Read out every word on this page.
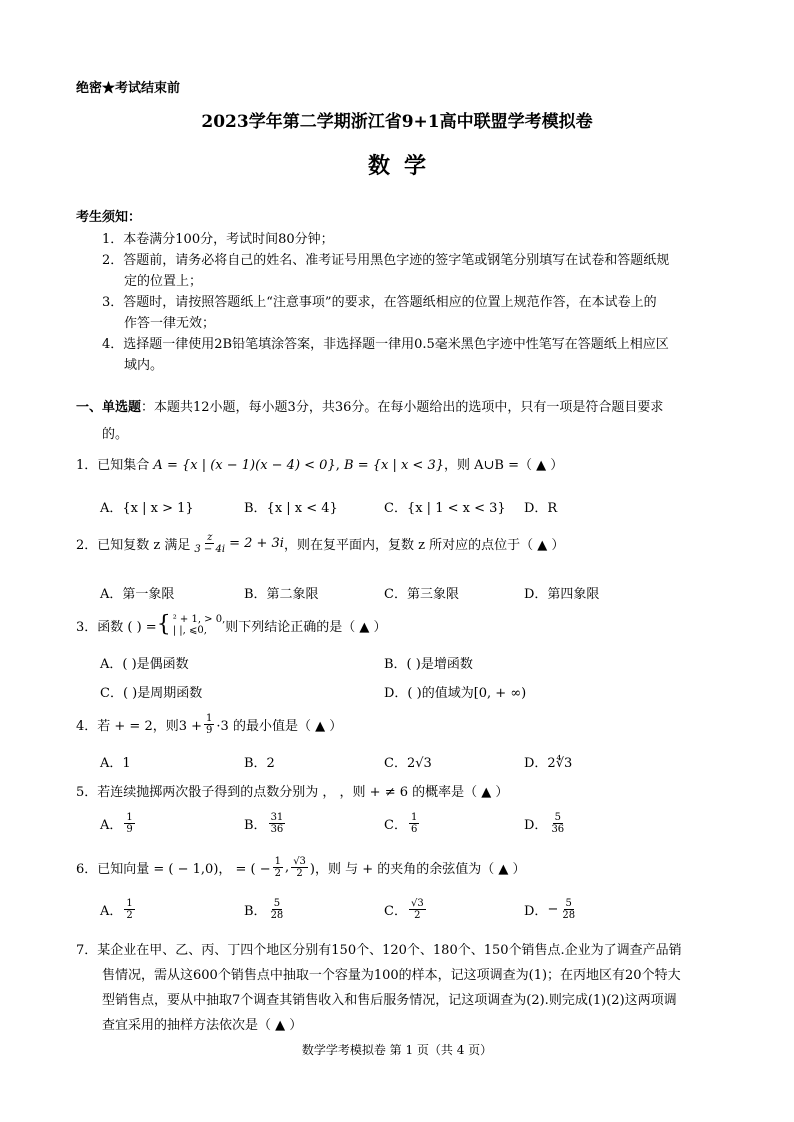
绝密★考试结束前
2023学年第二学期浙江省9+1高中联盟学考模拟卷
数学
考生须知：
1．本卷满分100分，考试时间80分钟；
2．答题前，请务必将自己的姓名、准考证号用黑色字迹的签字笔或钢笔分别填写在试卷和答题纸规
定的位置上；
3．答题时，请按照答题纸上“注意事项”的要求，在答题纸相应的位置上规范作答，在本试卷上的
作答一律无效；
4．选择题一律使用2B铅笔填涂答案，非选择题一律用0.5毫米黑色字迹中性笔写在答题纸上相应区
域内。
一、单选题：本题共12小题，每小题3分，共36分。在每小题给出的选项中，只有一项是符合题目要求
的。
1．已知集合 A = {x | (x − 1)(x − 4) < 0}, B = {x | x < 3}，则 A∪B =（ ▲ ）
A．{x | x > 1}	B．{x | x < 4}	C．{x | 1 < x < 3} D．R
2．已知复数 z 满足 $\frac{z}{3 - 4i} = 2 + 3i$ ，则在复平面内，复数 z 所对应的点位于（ ▲ ）
A．第一象限	B．第二象限	C．第三象限	D．第四象限
3．函数 ( ) = { ² + 1, > 0,
| |, ⩽0,	则下列结论正确的是（ ▲ ）
A．( )是偶函数	B．( )是增函数
C．( )是周期函数	D．( )的值域为[0, + ∞)
4．若 + = 2，则$3 + \frac{1}{9} \cdot 3$ 的最小值是（ ▲ ）
A．1	B．2	C．2√3	D．2∜3
5．若连续抛掷两次骰子得到的点数分别为 ， ，则 + ≠ 6 的概率是（ ▲ ）
A． $\frac{1}{9}$	B． $\frac{31}{36}$	C． $\frac{1}{6}$	D． $\frac{5}{36}$
6．已知向量 = ( − 1,0)， = ( − $\frac{1}{2}$ , $\frac{√3}{2}$ )，则 与 + 的夹角的余弦值为（ ▲ ）
A． $\frac{1}{2}$	B． $\frac{5}{28}$	C． $\frac{√3}{2}$	D． − $\frac{5}{28}$
7．某企业在甲、乙、丙、丁四个地区分别有150个、120个、180个、150个销售点.企业为了调查产品销
售情况，需从这600个销售点中抽取一个容量为100的样本，记这项调查为(1)；在丙地区有20个特大
型销售点，要从中抽取7个调查其销售收入和售后服务情况，记这项调查为(2).则完成(1)(2)这两项调
查宜采用的抽样方法依次是（ ▲ ）
数学学考模拟卷 第 1 页（共 4 页）
